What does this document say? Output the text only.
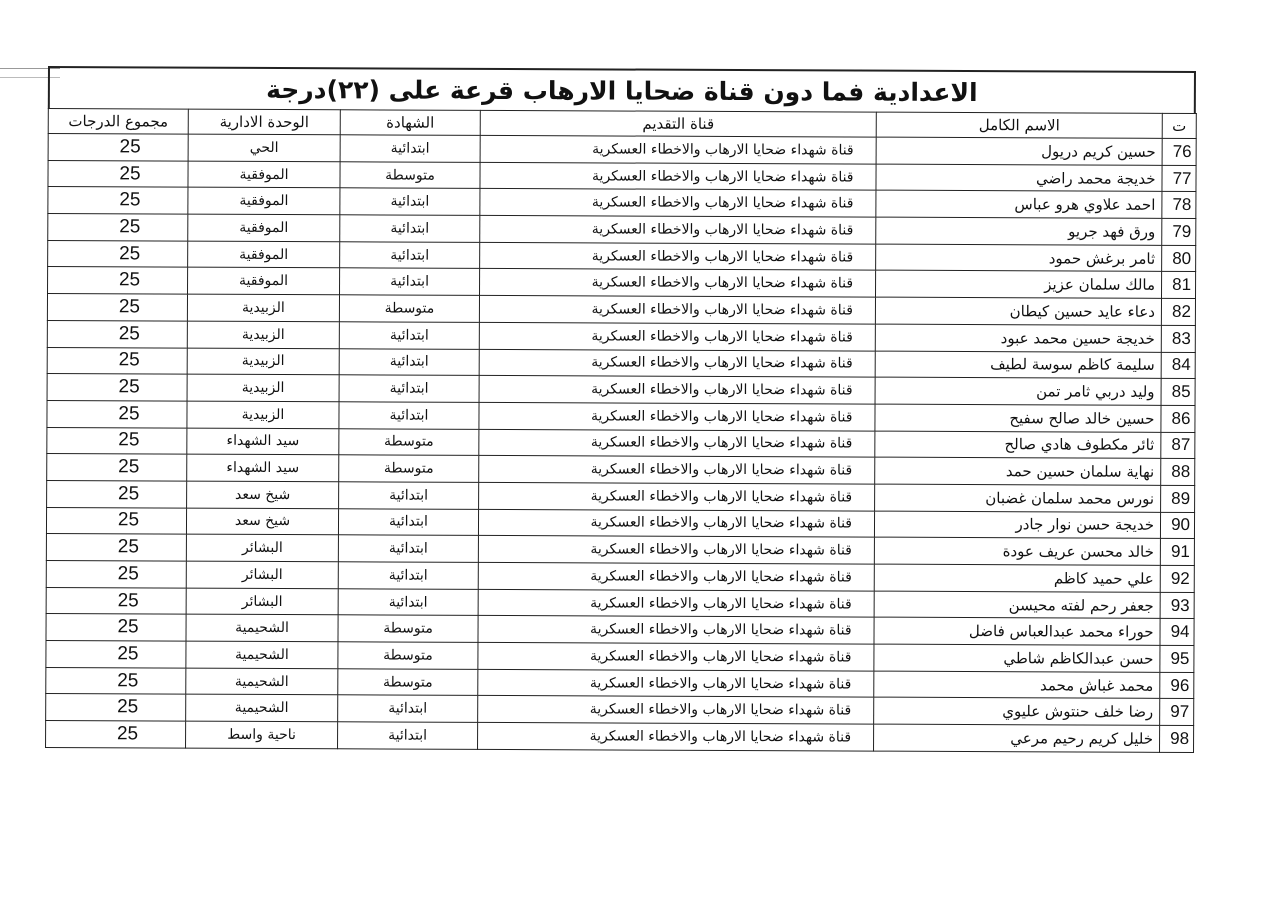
الاعدادية فما دون قناة ضحايا الارهاب قرعة على (٢٢)درجة
ت	الاسم الكامل	قناة التقديم	الشهادة	الوحدة الادارية	مجموع الدرجات
76	حسين كريم دريول	قناة شهداء ضحايا الارهاب والاخطاء العسكرية	ابتدائية	الحي	25
77	خديجة محمد راضي	قناة شهداء ضحايا الارهاب والاخطاء العسكرية	متوسطة	الموفقية	25
78	احمد علاوي هرو عباس	قناة شهداء ضحايا الارهاب والاخطاء العسكرية	ابتدائية	الموفقية	25
79	ورق فهد جريو	قناة شهداء ضحايا الارهاب والاخطاء العسكرية	ابتدائية	الموفقية	25
80	ثامر برغش حمود	قناة شهداء ضحايا الارهاب والاخطاء العسكرية	ابتدائية	الموفقية	25
81	مالك سلمان عزيز	قناة شهداء ضحايا الارهاب والاخطاء العسكرية	ابتدائية	الموفقية	25
82	دعاء عايد حسين كيطان	قناة شهداء ضحايا الارهاب والاخطاء العسكرية	متوسطة	الزبيدية	25
83	خديجة حسين محمد عبود	قناة شهداء ضحايا الارهاب والاخطاء العسكرية	ابتدائية	الزبيدية	25
84	سليمة كاظم سوسة لطيف	قناة شهداء ضحايا الارهاب والاخطاء العسكرية	ابتدائية	الزبيدية	25
85	وليد دربي ثامر تمن	قناة شهداء ضحايا الارهاب والاخطاء العسكرية	ابتدائية	الزبيدية	25
86	حسين خالد صالح سفيح	قناة شهداء ضحايا الارهاب والاخطاء العسكرية	ابتدائية	الزبيدية	25
87	ثائر مكطوف هادي صالح	قناة شهداء ضحايا الارهاب والاخطاء العسكرية	متوسطة	سيد الشهداء	25
88	نهاية سلمان حسين حمد	قناة شهداء ضحايا الارهاب والاخطاء العسكرية	متوسطة	سيد الشهداء	25
89	نورس محمد سلمان غضبان	قناة شهداء ضحايا الارهاب والاخطاء العسكرية	ابتدائية	شيخ سعد	25
90	خديجة حسن نوار جادر	قناة شهداء ضحايا الارهاب والاخطاء العسكرية	ابتدائية	شيخ سعد	25
91	خالد محسن عريف عودة	قناة شهداء ضحايا الارهاب والاخطاء العسكرية	ابتدائية	البشائر	25
92	علي حميد كاظم	قناة شهداء ضحايا الارهاب والاخطاء العسكرية	ابتدائية	البشائر	25
93	جعفر رحم لفته محيسن	قناة شهداء ضحايا الارهاب والاخطاء العسكرية	ابتدائية	البشائر	25
94	حوراء محمد عبدالعباس فاضل	قناة شهداء ضحايا الارهاب والاخطاء العسكرية	متوسطة	الشحيمية	25
95	حسن عبدالكاظم شاطي	قناة شهداء ضحايا الارهاب والاخطاء العسكرية	متوسطة	الشحيمية	25
96	محمد غباش محمد	قناة شهداء ضحايا الارهاب والاخطاء العسكرية	متوسطة	الشحيمية	25
97	رضا خلف حنتوش عليوي	قناة شهداء ضحايا الارهاب والاخطاء العسكرية	ابتدائية	الشحيمية	25
98	خليل كريم رحيم مرعي	قناة شهداء ضحايا الارهاب والاخطاء العسكرية	ابتدائية	ناحية واسط	25
